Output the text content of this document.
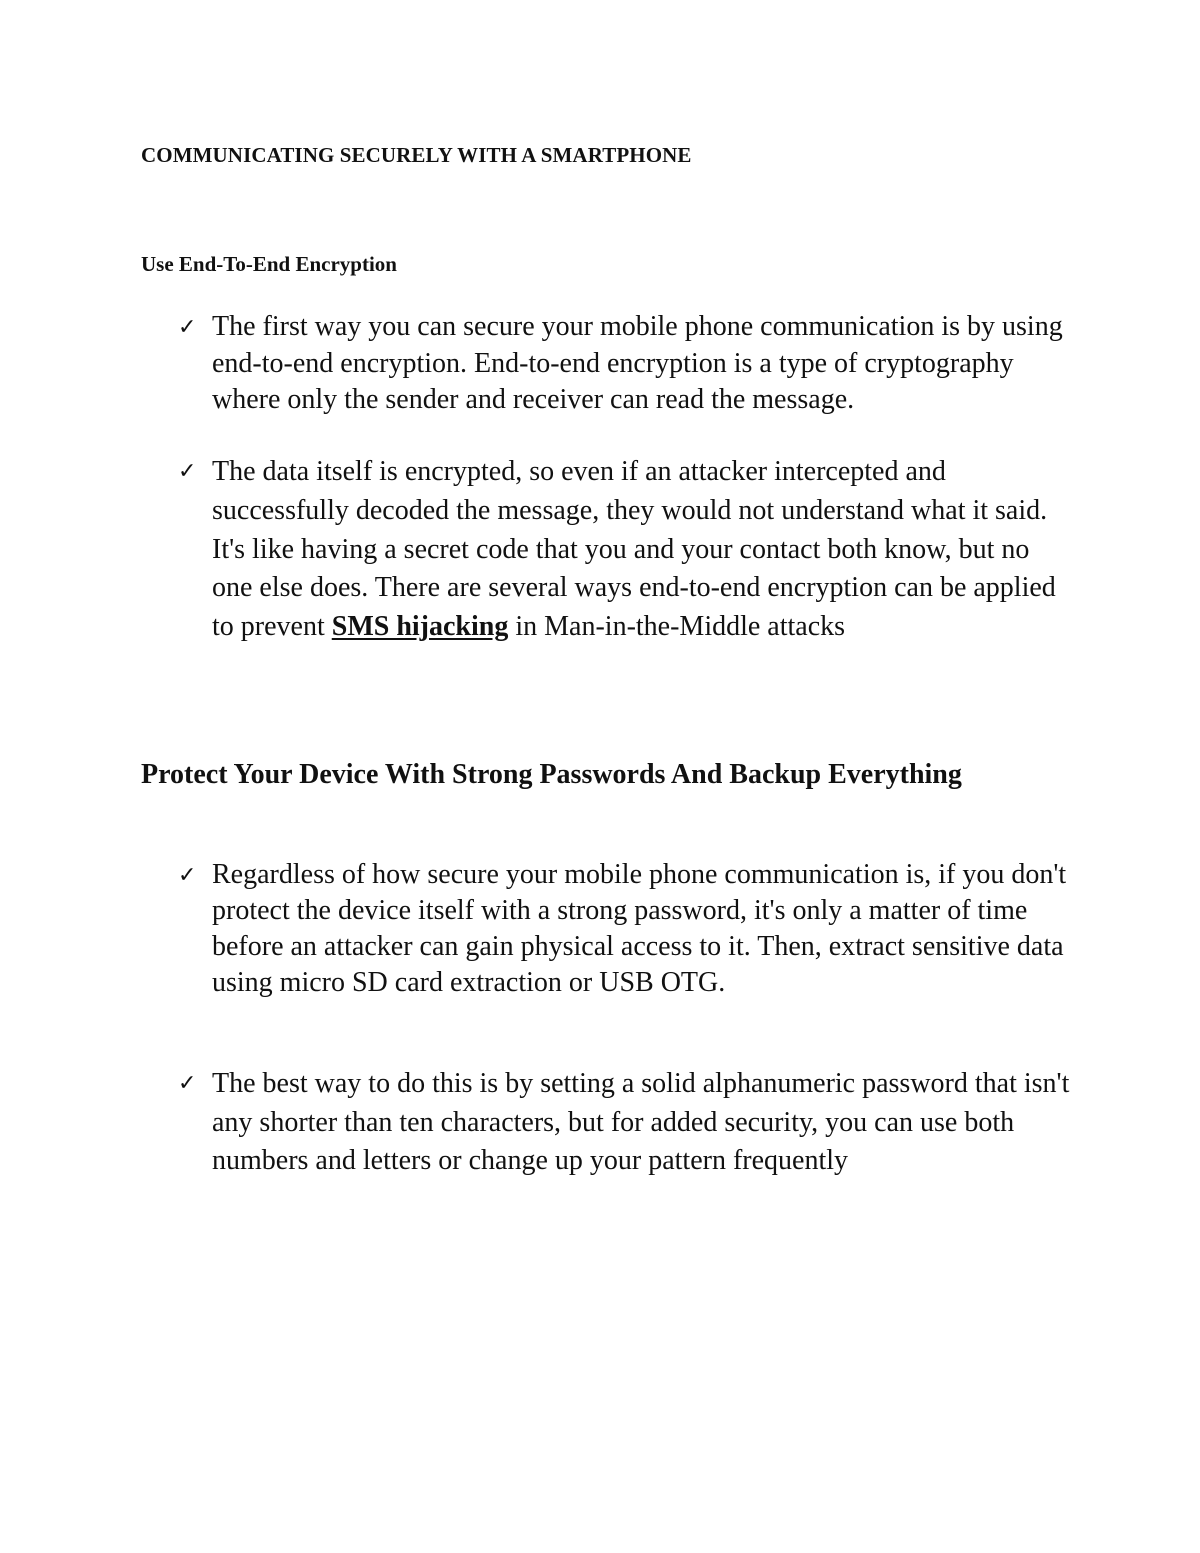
COMMUNICATING SECURELY WITH A SMARTPHONE
Use End-To-End Encryption
✓ The first way you can secure your mobile phone communication is by using end-to-end encryption. End-to-end encryption is a type of cryptography where only the sender and receiver can read the message.
✓ The data itself is encrypted, so even if an attacker intercepted and successfully decoded the message, they would not understand what it said. It's like having a secret code that you and your contact both know, but no one else does. There are several ways end-to-end encryption can be applied to prevent SMS hijacking in Man-in-the-Middle attacks
Protect Your Device With Strong Passwords And Backup Everything
✓ Regardless of how secure your mobile phone communication is, if you don't protect the device itself with a strong password, it's only a matter of time before an attacker can gain physical access to it. Then, extract sensitive data using micro SD card extraction or USB OTG.
✓ The best way to do this is by setting a solid alphanumeric password that isn't any shorter than ten characters, but for added security, you can use both numbers and letters or change up your pattern frequently
